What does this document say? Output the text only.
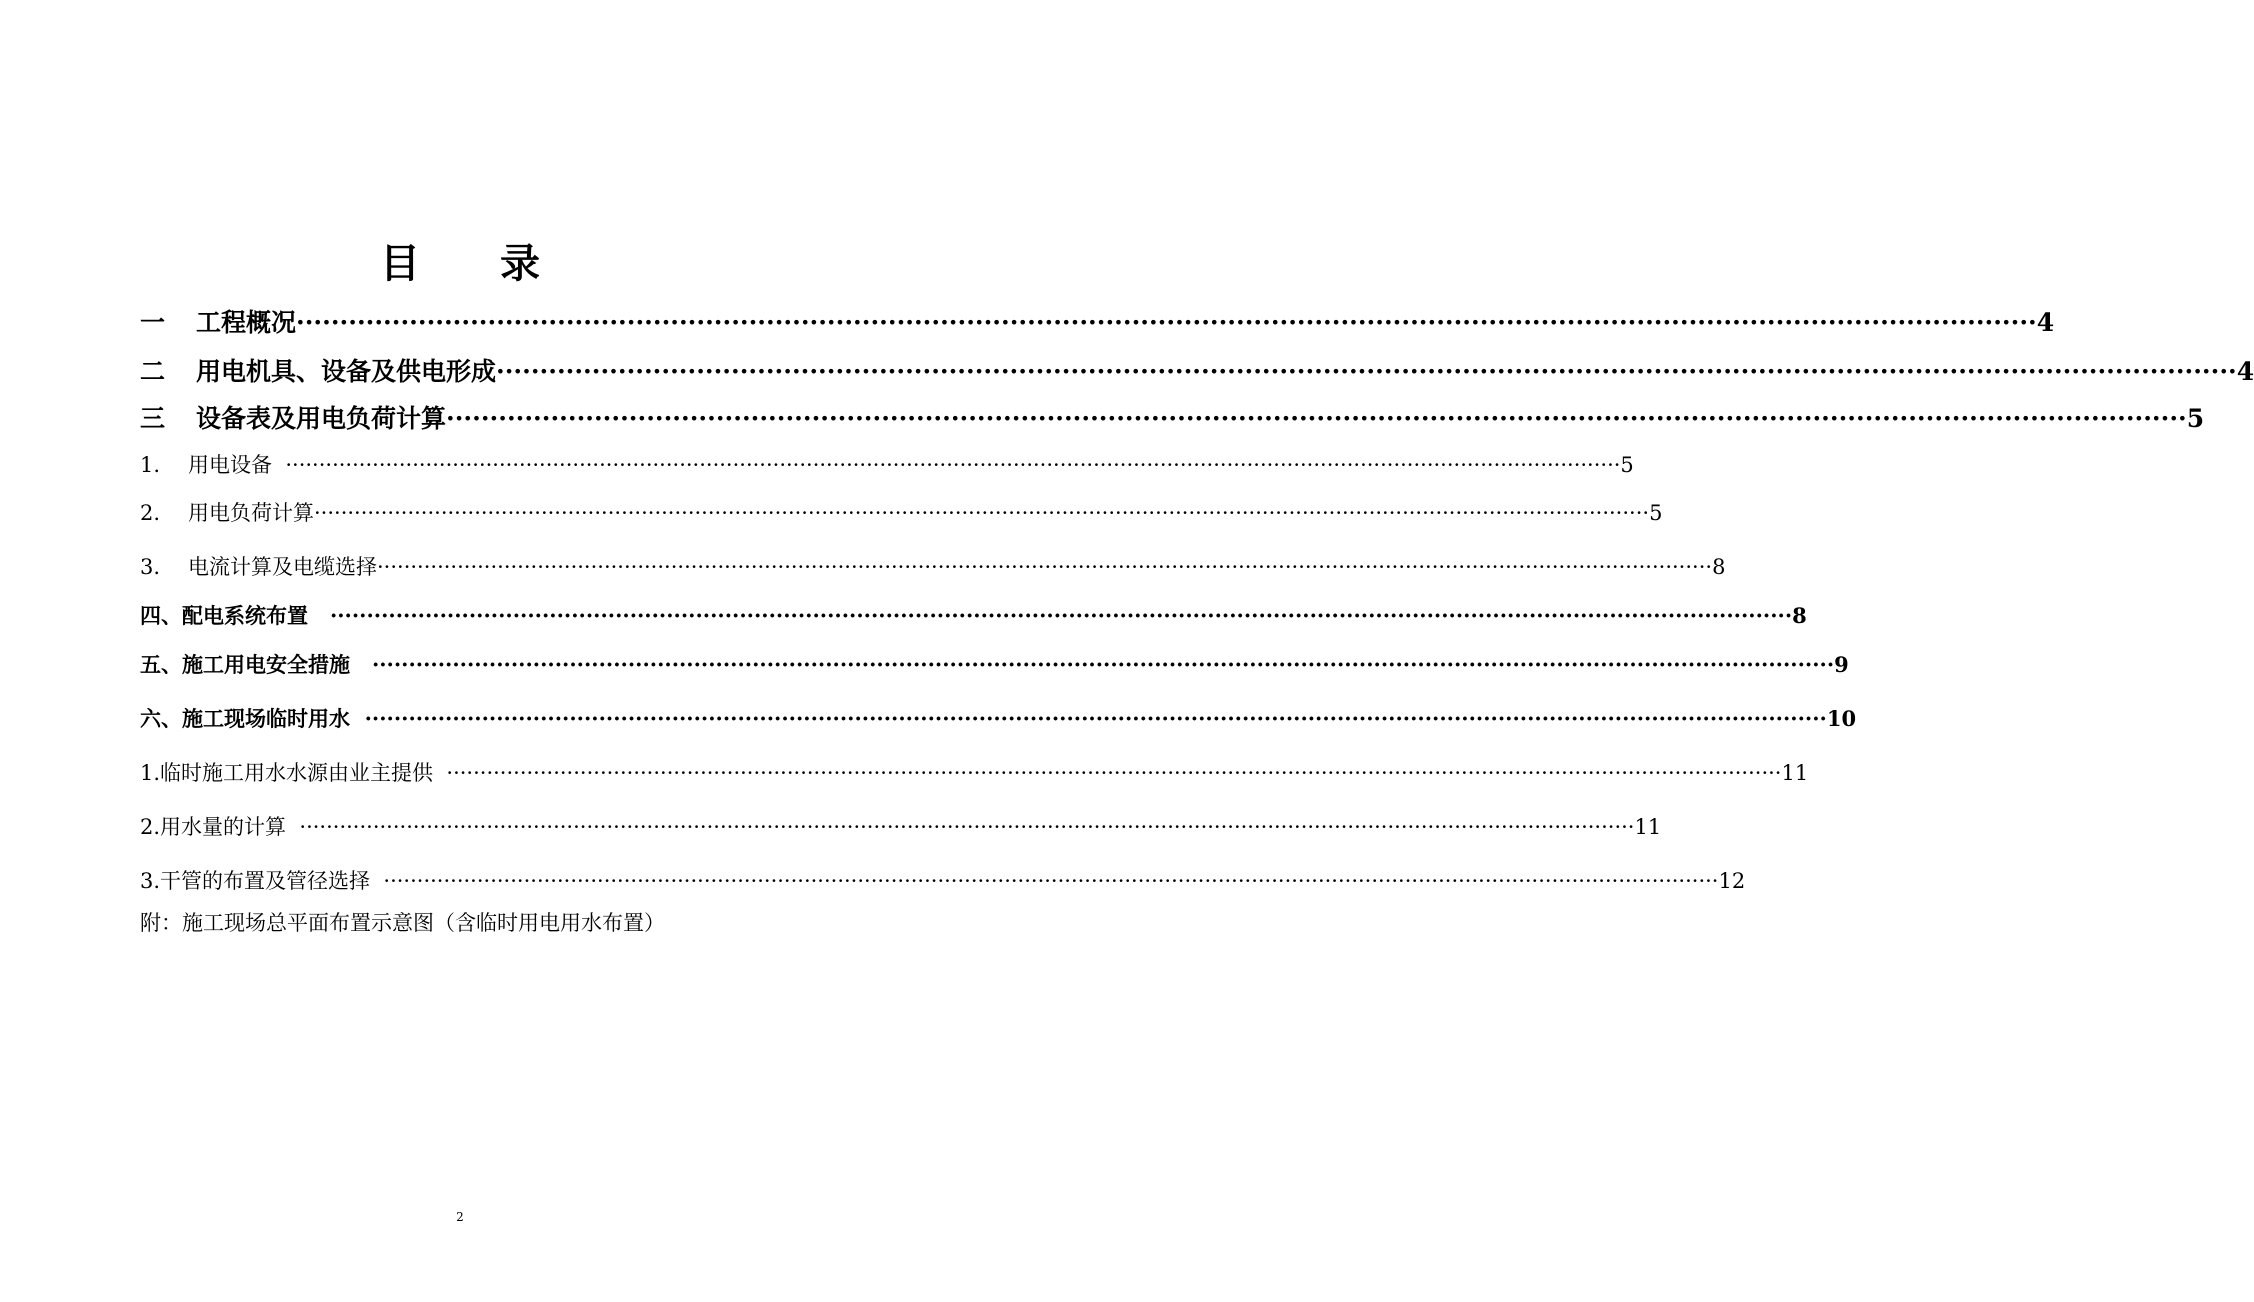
目 录
一 工程概况 ········································································································································································································ 4
二 用电机具、设备及供电形成 ········································································································································································································ 4
三 设备表及用电负荷计算 ········································································································································································································ 5
1. 用电设备 ········································································································································································································ 5
2. 用电负荷计算 ········································································································································································································ 5
3. 电流计算及电缆选择 ········································································································································································································ 8
四、配电系统布置	········································································································································································································ 8
五、施工用电安全措施	········································································································································································································ 9
六、施工现场临时用水 ········································································································································································································ 10
1.临时施工用水水源由业主提供 ········································································································································································································ 11
2.用水量的计算 ········································································································································································································ 11
3.干管的布置及管径选择 ········································································································································································································ 12
附：施工现场总平面布置示意图（含临时用电用水布置）
2
